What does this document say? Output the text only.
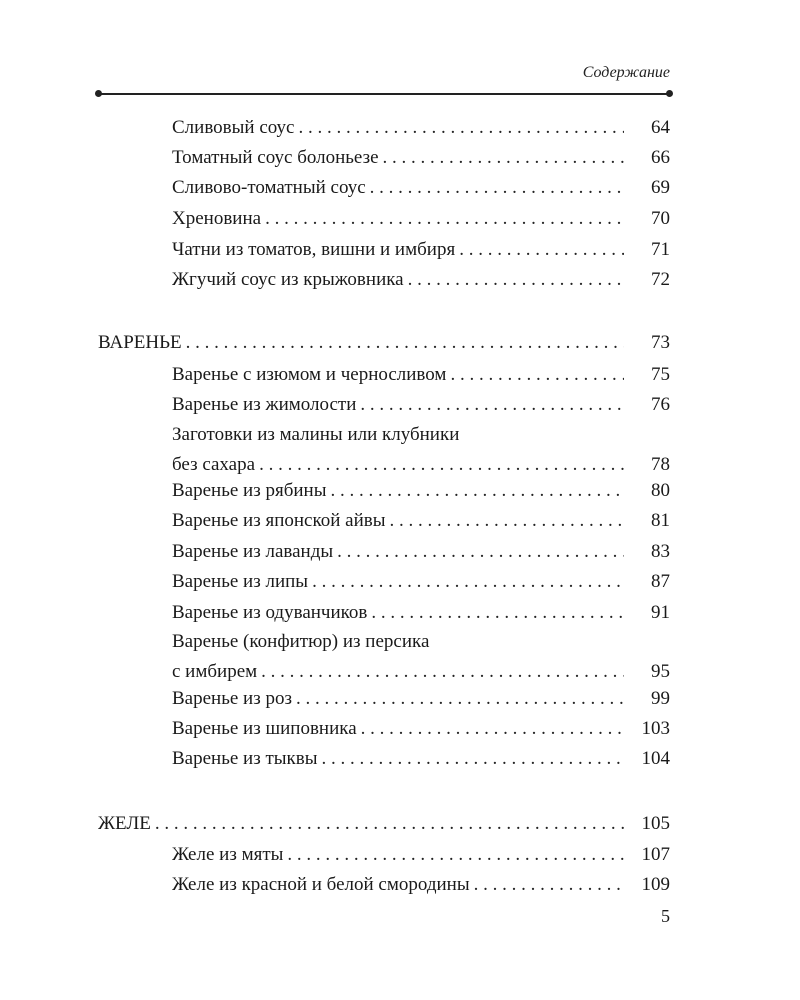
Содержание
Сливовый соус . . .	64
Томатный соус болоньезе . . .	66
Сливово-томатный соус . . .	69
Хреновина . . .	70
Чатни из томатов, вишни и имбиря . . .	71
Жгучий соус из крыжовника . . .	72
ВАРЕНЬЕ . . .	73
Варенье с изюмом и черносливом . . .	75
Варенье из жимолости . . .	76
Заготовки из малины или клубники
без сахара . . .	78
Варенье из рябины . . .	80
Варенье из японской айвы . . .	81
Варенье из лаванды . . .	83
Варенье из липы . . .	87
Варенье из одуванчиков . . .	91
Варенье (конфитюр) из персика
с имбирем . . .	95
Варенье из роз . . .	99
Варенье из шиповника . . .	103
Варенье из тыквы . . .	104
ЖЕЛЕ . . .	105
Желе из мяты . . .	107
Желе из красной и белой смородины . . .	109
5
